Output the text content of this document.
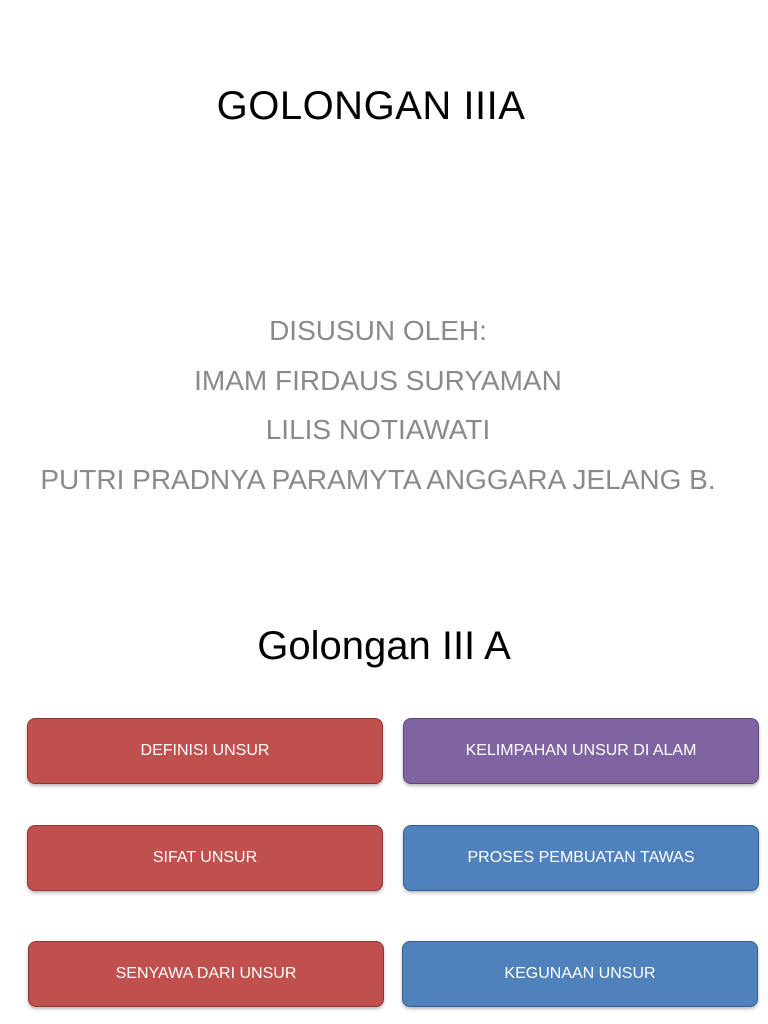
GOLONGAN IIIA
DISUSUN OLEH:
IMAM FIRDAUS SURYAMAN
LILIS NOTIAWATI
PUTRI PRADNYA PARAMYTA ANGGARA JELANG B.
Golongan III A
DEFINISI UNSUR	KELIMPAHAN UNSUR DI ALAM
SIFAT UNSUR	PROSES PEMBUATAN TAWAS
SENYAWA DARI UNSUR	KEGUNAAN UNSUR
